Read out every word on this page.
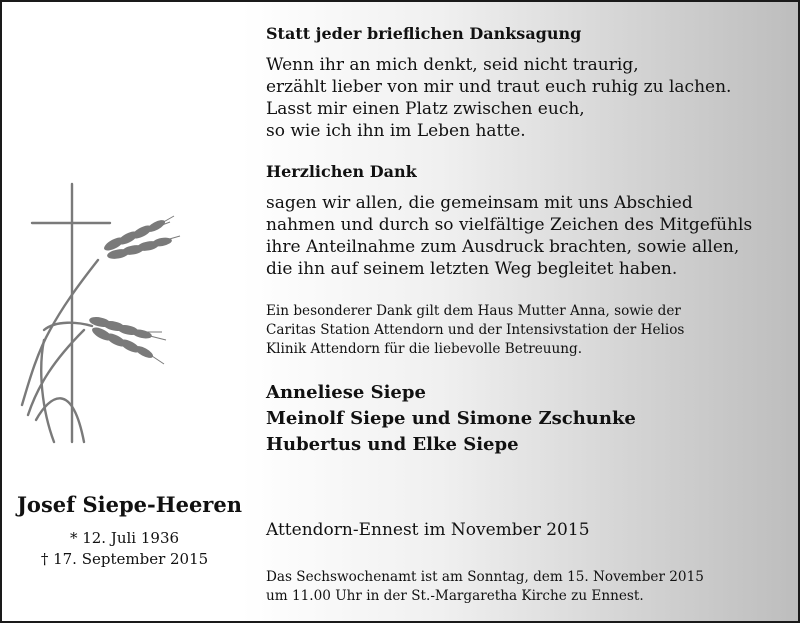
Statt jeder brieflichen Danksagung
Wenn ihr an mich denkt, seid nicht traurig,
erzählt lieber von mir und traut euch ruhig zu lachen.
Lasst mir einen Platz zwischen euch,
so wie ich ihn im Leben hatte.
Herzlichen Dank
sagen wir allen, die gemeinsam mit uns Abschied
nahmen und durch so vielfältige Zeichen des Mitgefühls
ihre Anteilnahme zum Ausdruck brachten, sowie allen,
die ihn auf seinem letzten Weg begleitet haben.
Ein besonderer Dank gilt dem Haus Mutter Anna, sowie der
Caritas Station Attendorn und der Intensivstation der Helios
Klinik Attendorn für die liebevolle Betreuung.
Anneliese Siepe
Meinolf Siepe und Simone Zschunke
Hubertus und Elke Siepe
Attendorn-Ennest im November 2015
Das Sechswochenamt ist am Sonntag, dem 15. November 2015
um 11.00 Uhr in der St.-Margaretha Kirche zu Ennest.
Josef Siepe-Heeren
* 12. Juli 1936
† 17. September 2015
